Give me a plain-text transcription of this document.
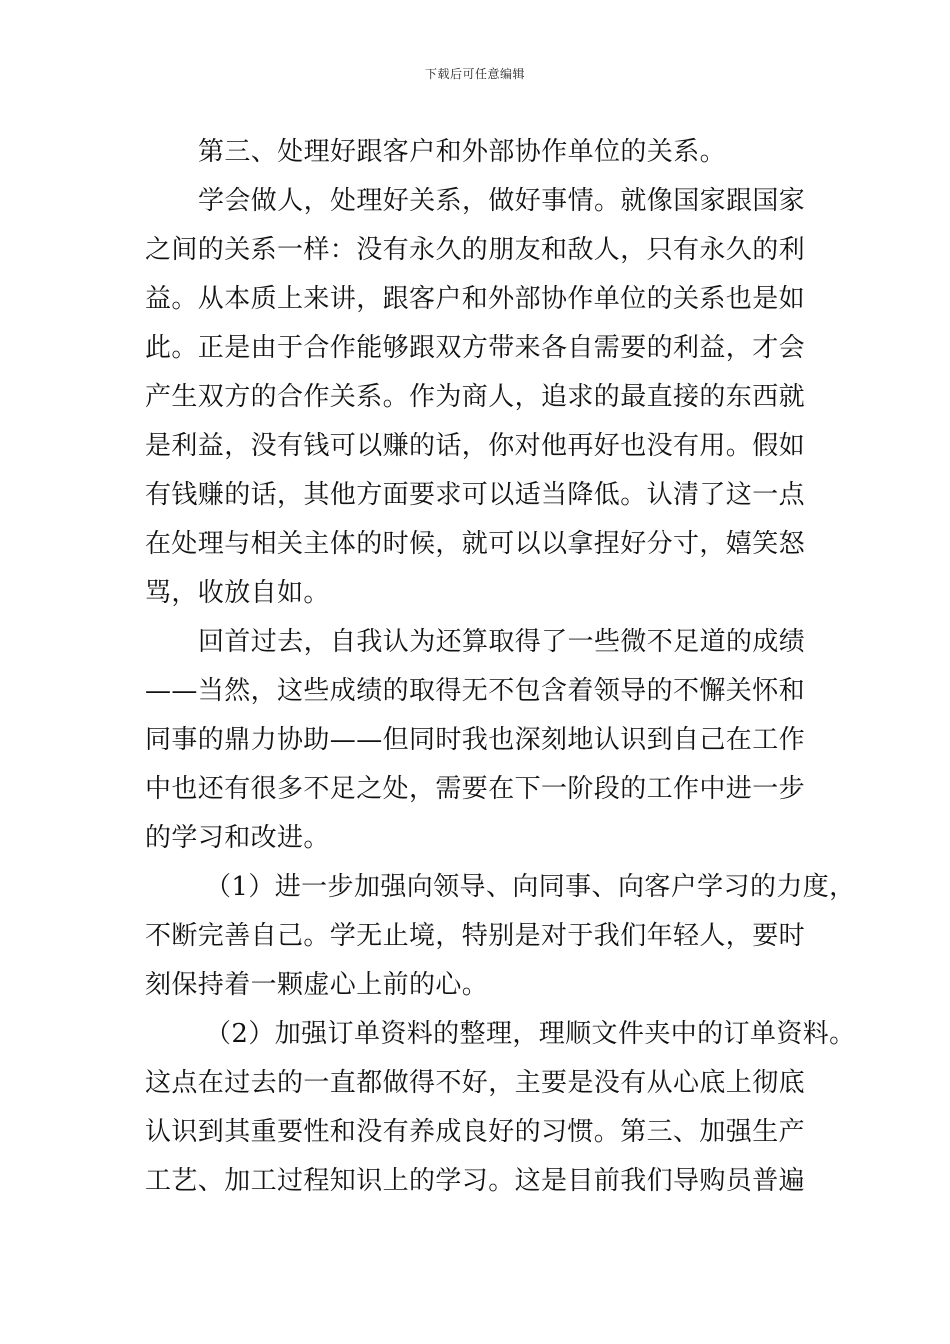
下载后可任意编辑
第三、处理好跟客户和外部协作单位的关系。
学会做人，处理好关系，做好事情。就像国家跟国家
之间的关系一样：没有永久的朋友和敌人，只有永久的利
益。从本质上来讲，跟客户和外部协作单位的关系也是如
此。正是由于合作能够跟双方带来各自需要的利益，才会
产生双方的合作关系。作为商人，追求的最直接的东西就
是利益，没有钱可以赚的话，你对他再好也没有用。假如
有钱赚的话，其他方面要求可以适当降低。认清了这一点
在处理与相关主体的时候，就可以以拿捏好分寸，嬉笑怒
骂，收放自如。
回首过去，自我认为还算取得了一些微不足道的成绩
——当然，这些成绩的取得无不包含着领导的不懈关怀和
同事的鼎力协助——但同时我也深刻地认识到自己在工作
中也还有很多不足之处，需要在下一阶段的工作中进一步
的学习和改进。
（1）进一步加强向领导、向同事、向客户学习的力度，
不断完善自己。学无止境，特别是对于我们年轻人，要时
刻保持着一颗虚心上前的心。
（2）加强订单资料的整理，理顺文件夹中的订单资料。
这点在过去的一直都做得不好，主要是没有从心底上彻底
认识到其重要性和没有养成良好的习惯。第三、加强生产
工艺、加工过程知识上的学习。这是目前我们导购员普遍
